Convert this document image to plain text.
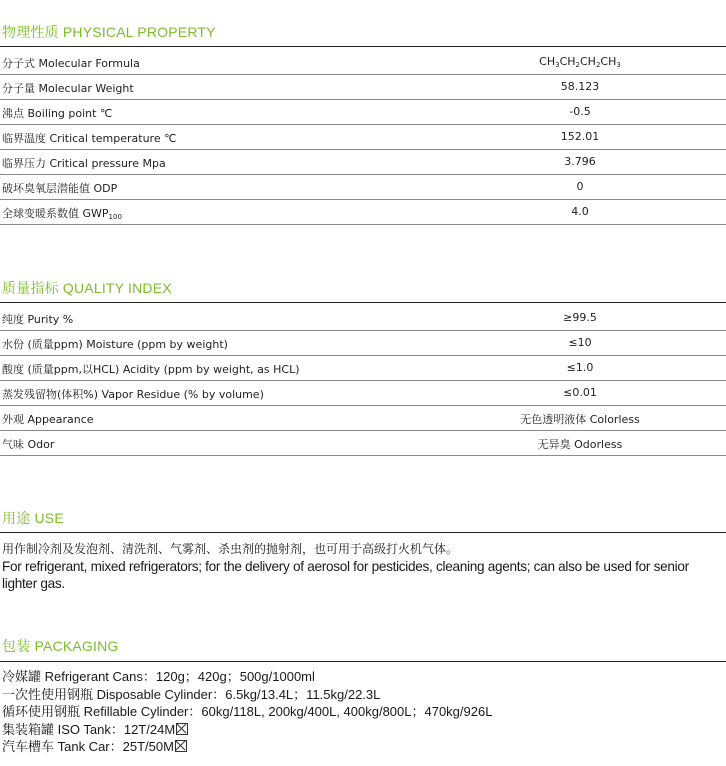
物理性质 PHYSICAL PROPERTY
分子式 Molecular Formula	$CH_3CH_2CH_2CH_3$
分子量 Molecular Weight	58.123
沸点 Boiling point ℃	-0.5
临界温度 Critical temperature ℃	152.01
临界压力 Critical pressure Mpa	3.796
破坏臭氧层潜能值 ODP	0
全球变暖系数值 $GWP_{100}$	4.0
质量指标 QUALITY INDEX
纯度 Purity %	≥99.5
水份 (质量ppm) Moisture (ppm by weight)	≤10
酸度 (质量ppm,以HCL) Acidity (ppm by weight, as HCL)	≤1.0
蒸发残留物(体积%) Vapor Residue (% by volume)	≤0.01
外观 Appearance	无色透明液体 Colorless
气味 Odor	无异臭 Odorless
用途 USE
用作制冷剂及发泡剂、清洗剂、气雾剂、杀虫剂的抛射剂，也可用于高级打火机气体。
For refrigerant, mixed refrigerators; for the delivery of aerosol for pesticides, cleaning agents; can also be used for senior lighter gas.
包装 PACKAGING
冷媒罐 Refrigerant Cans：120g；420g；500g/1000ml
一次性使用钢瓶 Disposable Cylinder：6.5kg/13.4L；11.5kg/22.3L
循环使用钢瓶 Refillable Cylinder：60kg/118L, 200kg/400L, 400kg/800L；470kg/926L
集装箱罐 ISO Tank：12T/24M
汽车槽车 Tank Car：25T/50M
